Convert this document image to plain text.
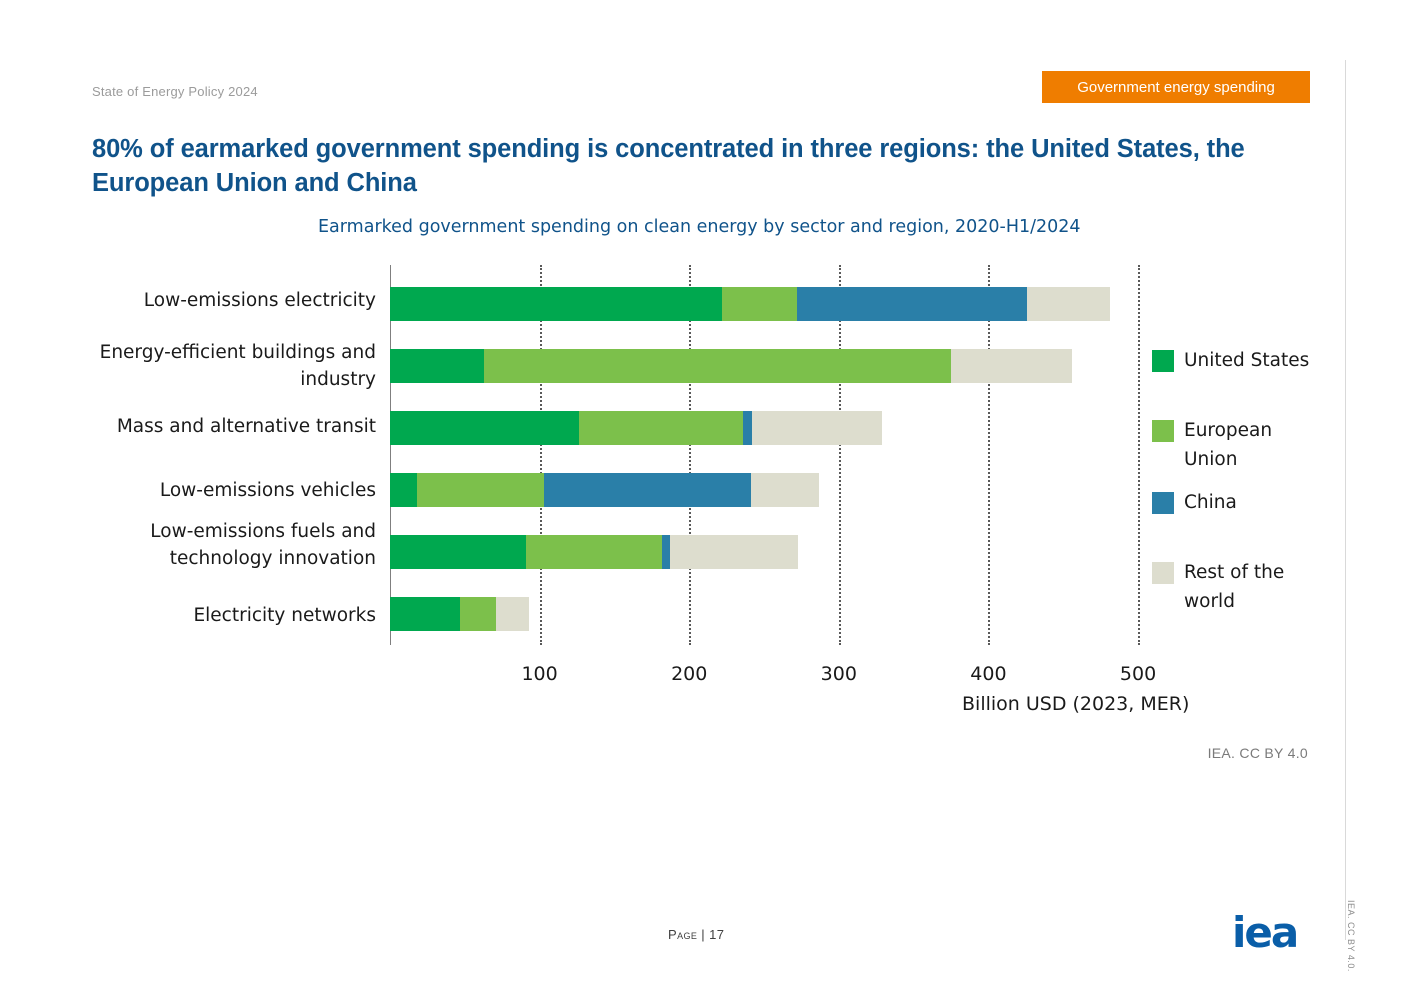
State of Energy Policy 2024	Government energy spending
80% of earmarked government spending is concentrated in three regions: the United States, the European Union and China
Earmarked government spending on clean energy by sector and region, 2020-H1/2024
Low-emissions electricity
Energy-efficient buildings and industry
Mass and alternative transit
Low-emissions vehicles
Low-emissions fuels and technology innovation
Electricity networks
100	200	300	400	500
Billion USD (2023, MER)
United States
European Union
China
Rest of the world
IEA. CC BY 4.0
Page | 17	iea	IEA. CC BY 4.0.
